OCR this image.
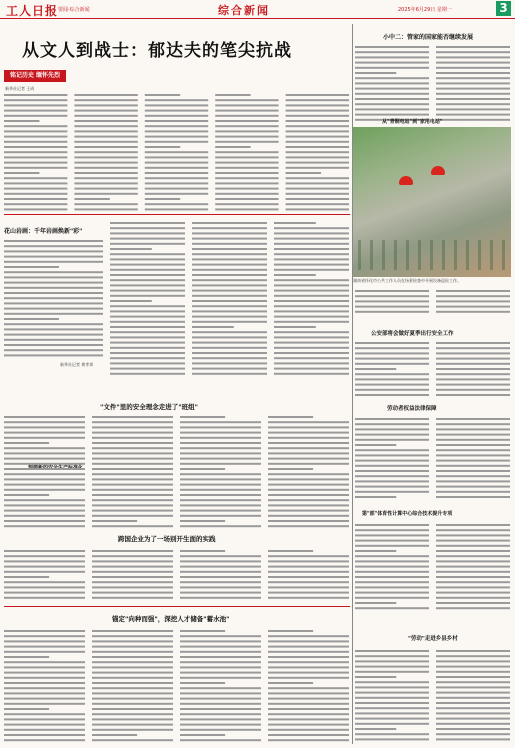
工人日报 要闻·综合新闻	综合新闻	2025年6月29日 星期一	3
从文人到战士：郁达夫的笔尖抗战
铭记历史 缅怀先烈
新华社记者 王成
小中二：管家的国家能否继续发展
从"青铜电站"到"家用电站"
湖南省怀化市公共工作人员在场景检查中开展设备巡检工作。
花山岩画：千年岩画焕新"彩"
新华社记者 黄孝邦
"文件"里的安全理念走进了"班组"
跨国企业为了一场别开生面的实践
锚定"向种而强"，深挖人才储备"蓄水池"
公安部将会做好夏季出行安全工作
劳动者权益法律保障
第"部"体育性计算中心综合技术提升专项
"劳动"走进乡县乡村
